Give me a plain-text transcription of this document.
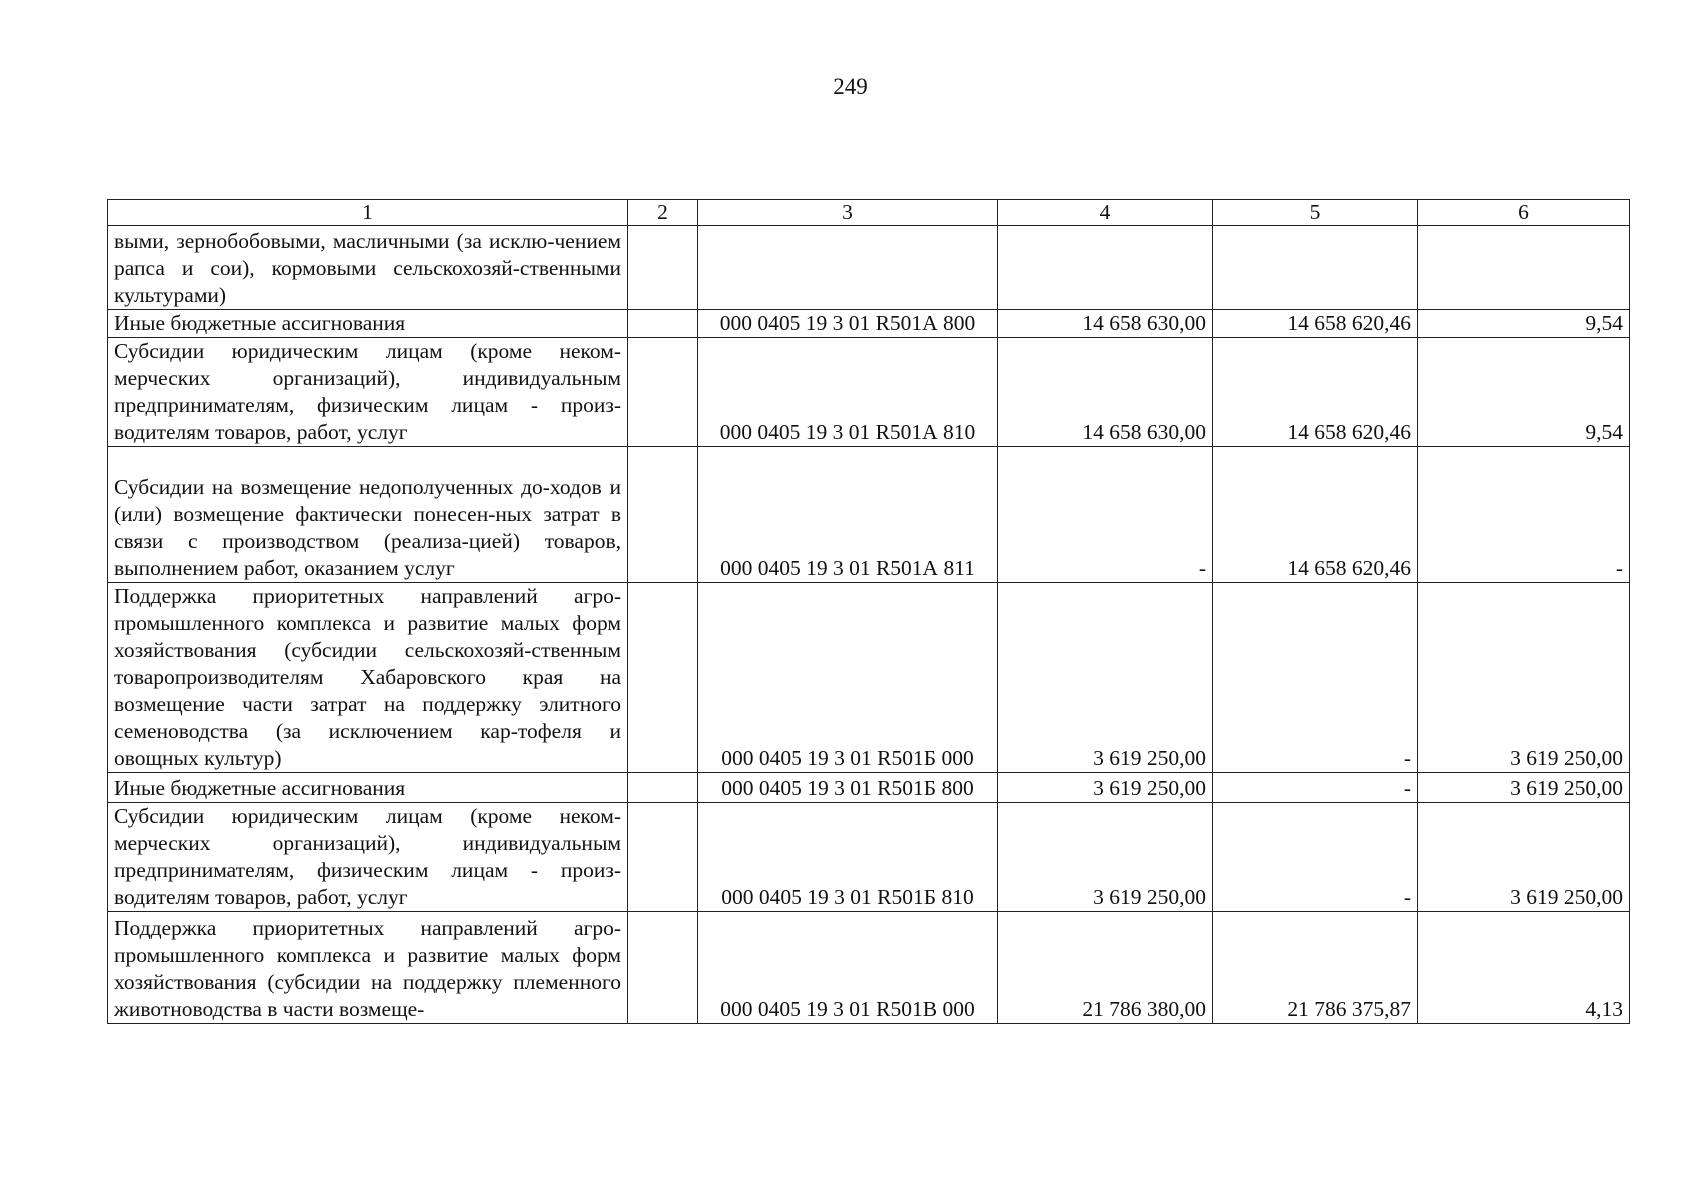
249
1	2	3	4	5	6
выми, зернобобовыми, масличными (за исклю-чением рапса и сои), кормовыми сельскохозяй-ственными культурами)					
Иные бюджетные ассигнования		000 0405 19 3 01 R501А 800	14 658 630,00	14 658 620,46	9,54
Субсидии юридическим лицам (кроме неком-мерческих организаций), индивидуальным предпринимателям, физическим лицам - произ-водителям товаров, работ, услуг		000 0405 19 3 01 R501А 810	14 658 630,00	14 658 620,46	9,54
Субсидии на возмещение недополученных до-ходов и (или) возмещение фактически понесен-ных затрат в связи с производством (реализа-цией) товаров, выполнением работ, оказанием услуг		000 0405 19 3 01 R501А 811	-	14 658 620,46	-
Поддержка приоритетных направлений агро-промышленного комплекса и развитие малых форм хозяйствования (субсидии сельскохозяй-ственным товаропроизводителям Хабаровского края на возмещение части затрат на поддержку элитного семеноводства (за исключением кар-тофеля и овощных культур)		000 0405 19 3 01 R501Б 000	3 619 250,00	-	3 619 250,00
Иные бюджетные ассигнования		000 0405 19 3 01 R501Б 800	3 619 250,00	-	3 619 250,00
Субсидии юридическим лицам (кроме неком-мерческих организаций), индивидуальным предпринимателям, физическим лицам - произ-водителям товаров, работ, услуг		000 0405 19 3 01 R501Б 810	3 619 250,00	-	3 619 250,00
Поддержка приоритетных направлений агро-промышленного комплекса и развитие малых форм хозяйствования (субсидии на поддержку племенного животноводства в части возмеще-		000 0405 19 3 01 R501В 000	21 786 380,00	21 786 375,87	4,13
